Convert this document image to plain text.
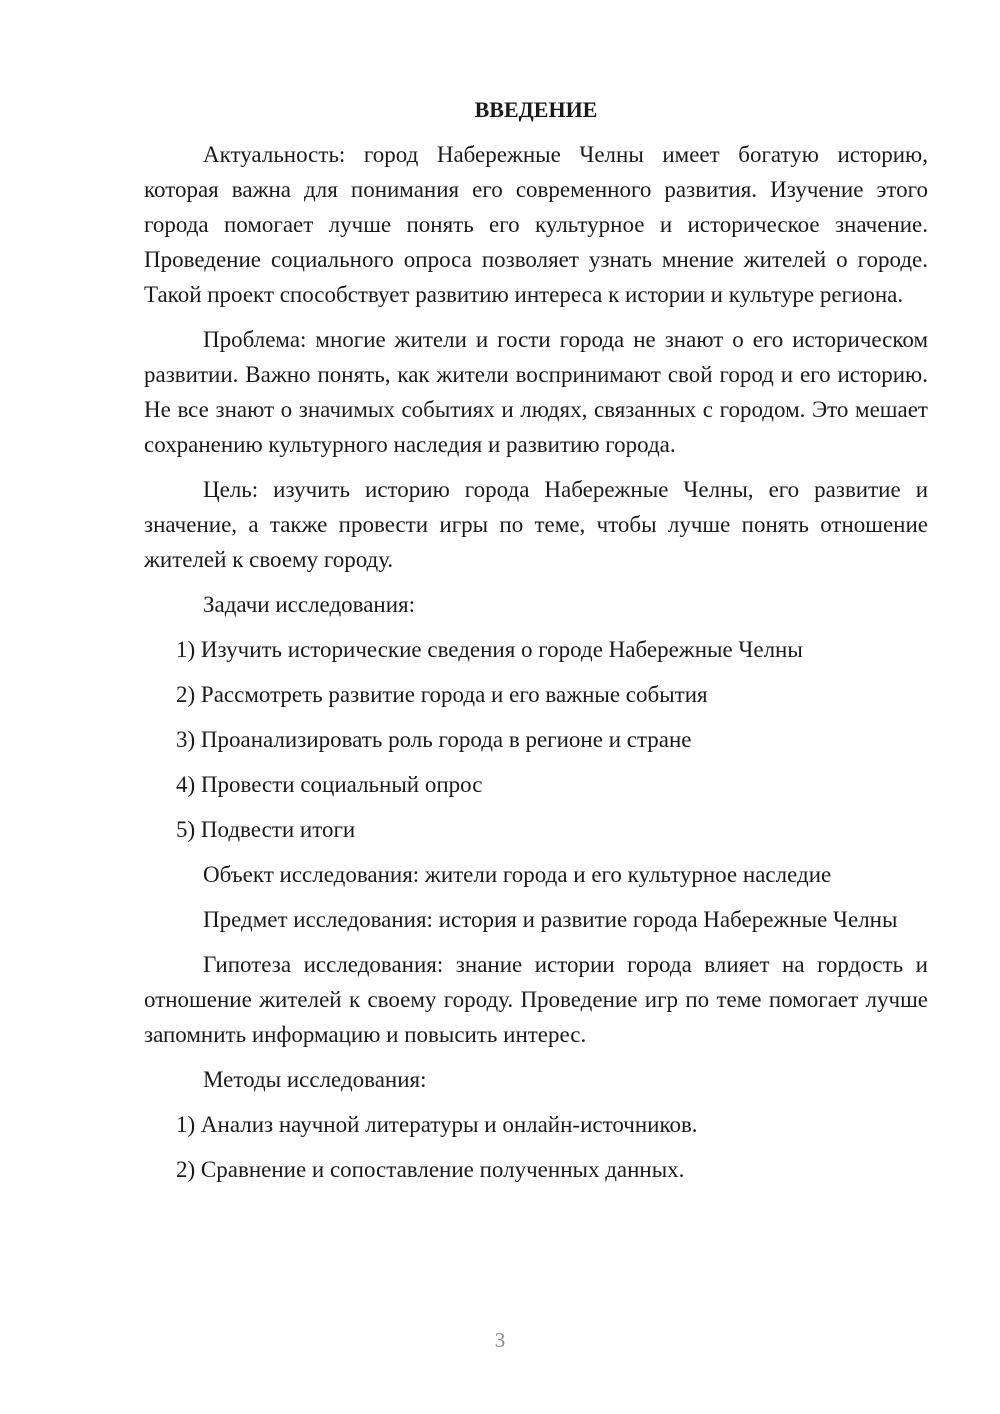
ВВЕДЕНИЕ

Актуальность: город Набережные Челны имеет богатую историю, которая важна для понимания его современного развития. Изучение этого города помогает лучше понять его культурное и историческое значение. Проведение социального опроса позволяет узнать мнение жителей о городе. Такой проект способствует развитию интереса к истории и культуре региона.

Проблема: многие жители и гости города не знают о его историческом развитии. Важно понять, как жители воспринимают свой город и его историю. Не все знают о значимых событиях и людях, связанных с городом. Это мешает сохранению культурного наследия и развитию города.

Цель: изучить историю города Набережные Челны, его развитие и значение, а также провести игры по теме, чтобы лучше понять отношение жителей к своему городу.

Задачи исследования:
1) Изучить исторические сведения о городе Набережные Челны
2) Рассмотреть развитие города и его важные события
3) Проанализировать роль города в регионе и стране
4) Провести социальный опрос
5) Подвести итоги

Объект исследования: жители города и его культурное наследие

Предмет исследования: история и развитие города Набережные Челны

Гипотеза исследования: знание истории города влияет на гордость и отношение жителей к своему городу. Проведение игр по теме помогает лучше запомнить информацию и повысить интерес.

Методы исследования:
1) Анализ научной литературы и онлайн-источников.
2) Сравнение и сопоставление полученных данных.
3
